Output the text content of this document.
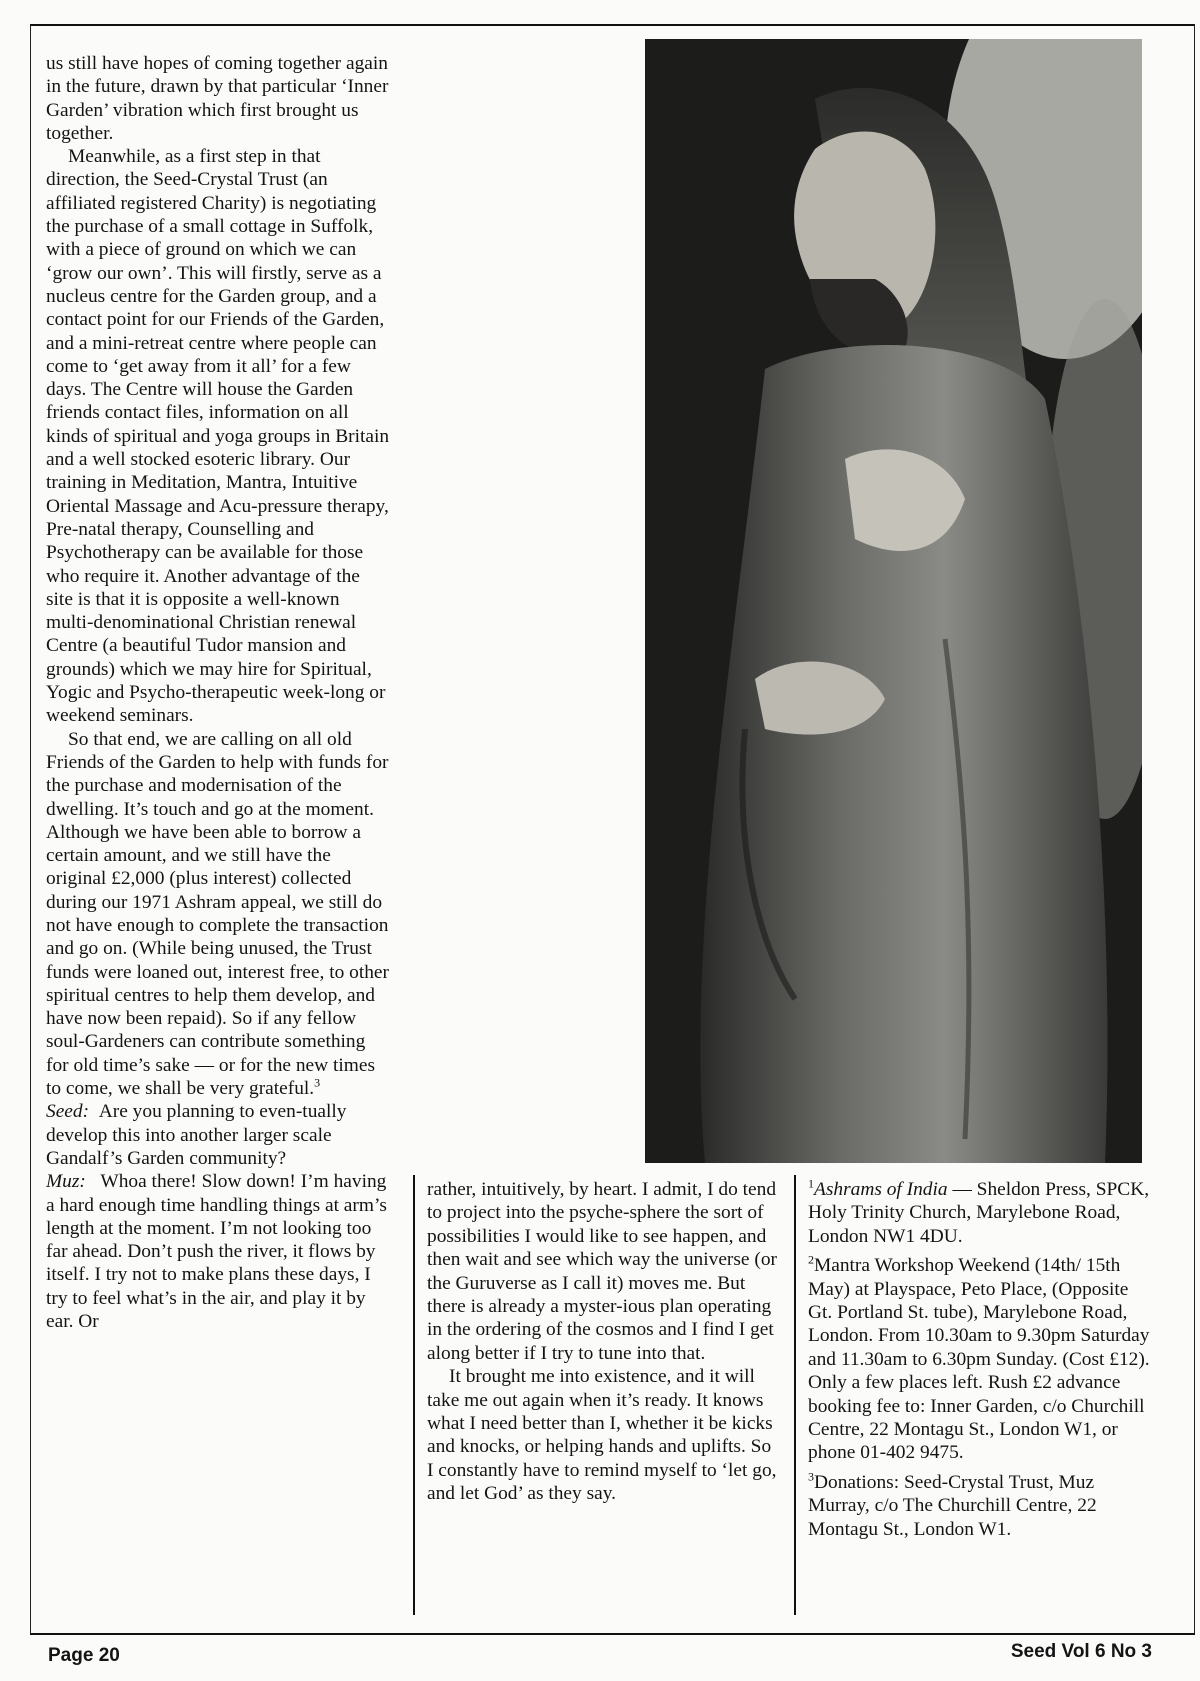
us still have hopes of coming together again in the future, drawn by that particular ‘Inner Garden’ vibration which first brought us together.

Meanwhile, as a first step in that direction, the Seed-Crystal Trust (an affiliated registered Charity) is negotiating the purchase of a small cottage in Suffolk, with a piece of ground on which we can ‘grow our own’. This will firstly, serve as a nucleus centre for the Garden group, and a contact point for our Friends of the Garden, and a mini-retreat centre where people can come to ‘get away from it all’ for a few days. The Centre will house the Garden friends contact files, information on all kinds of spiritual and yoga groups in Britain and a well stocked esoteric library. Our training in Meditation, Mantra, Intuitive Oriental Massage and Acu-pressure therapy, Pre-natal therapy, Counselling and Psychotherapy can be available for those who require it. Another advantage of the site is that it is opposite a well-known multi-denominational Christian renewal Centre (a beautiful Tudor mansion and grounds) which we may hire for Spiritual, Yogic and Psycho-therapeutic week-long or weekend seminars.

So that end, we are calling on all old Friends of the Garden to help with funds for the purchase and modernisation of the dwelling. It’s touch and go at the moment. Although we have been able to borrow a certain amount, and we still have the original £2,000 (plus interest) collected during our 1971 Ashram appeal, we still do not have enough to complete the transaction and go on. (While being unused, the Trust funds were loaned out, interest free, to other spiritual centres to help them develop, and have now been repaid). So if any fellow soul-Gardeners can contribute something for old time’s sake — or for the new times to come, we shall be very grateful.$^3$

Seed: Are you planning to even-tually develop this into another larger scale Gandalf’s Garden community?

Muz: Whoa there! Slow down! I’m having a hard enough time handling things at arm’s length at the moment. I’m not looking too far ahead. Don’t push the river, it flows by itself. I try not to make plans these days, I try to feel what’s in the air, and play it by ear. Or

rather, intuitively, by heart. I admit, I do tend to project into the psyche-sphere the sort of possibilities I would like to see happen, and then wait and see which way the universe (or the Guruverse as I call it) moves me. But there is already a myster-ious plan operating in the ordering of the cosmos and I find I get along better if I try to tune into that.

It brought me into existence, and it will take me out again when it’s ready. It knows what I need better than I, whether it be kicks and knocks, or helping hands and uplifts. So I constantly have to remind myself to ‘let go, and let God’ as they say.

$^1$Ashrams of India — Sheldon Press, SPCK, Holy Trinity Church, Marylebone Road, London NW1 4DU.

$^2$Mantra Workshop Weekend (14th/ 15th May) at Playspace, Peto Place, (Opposite Gt. Portland St. tube), Marylebone Road, London. From 10.30am to 9.30pm Saturday and 11.30am to 6.30pm Sunday. (Cost £12). Only a few places left. Rush £2 advance booking fee to: Inner Garden, c/o Churchill Centre, 22 Montagu St., London W1, or phone 01-402 9475.

$^3$Donations: Seed-Crystal Trust, Muz Murray, c/o The Churchill Centre, 22 Montagu St., London W1.

Page 20	Seed Vol 6 No 3
